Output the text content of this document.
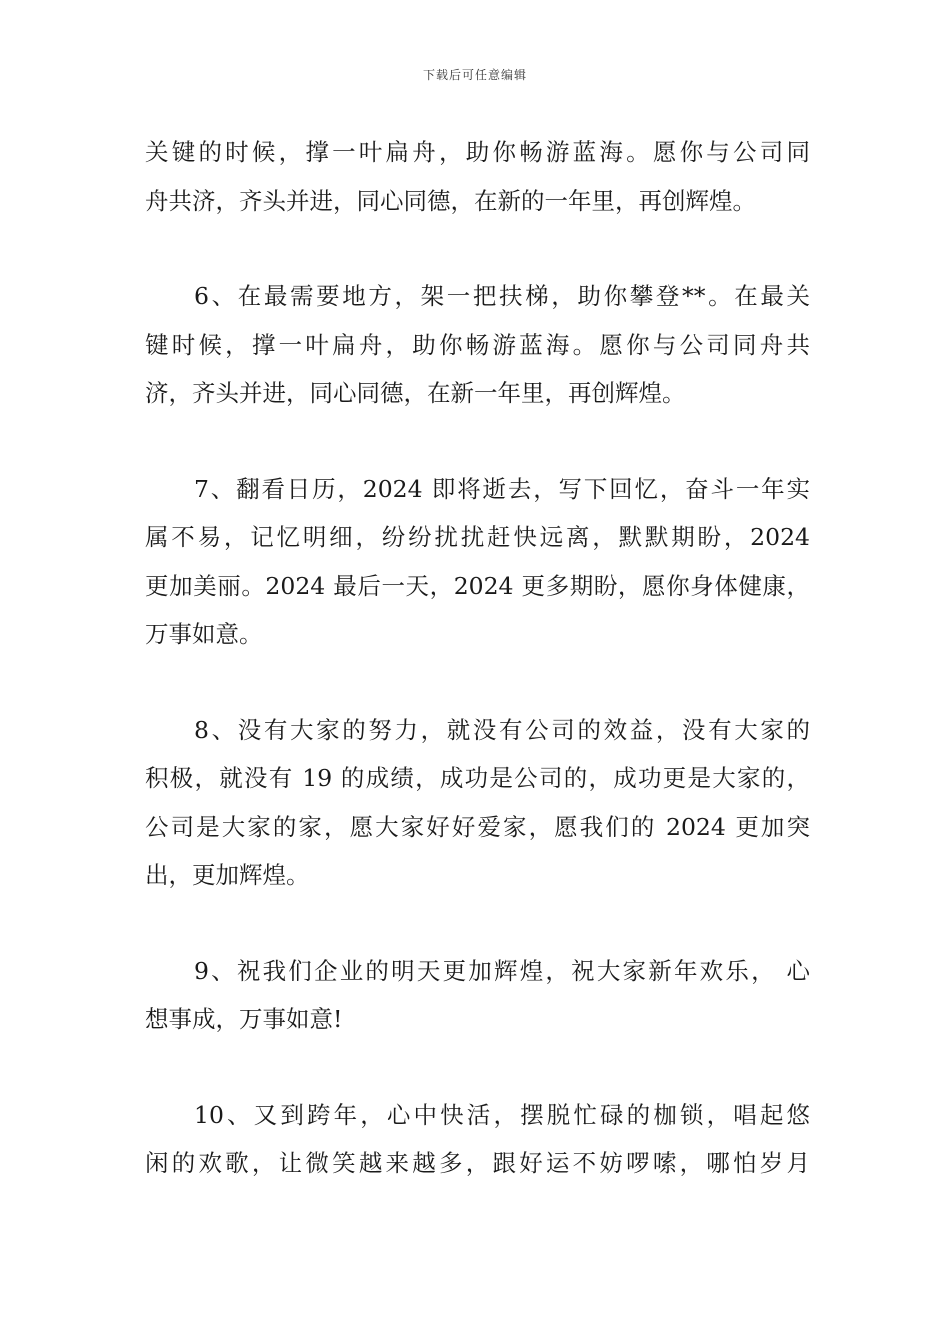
下载后可任意编辑
关键的时候，撑一叶扁舟，助你畅游蓝海。愿你与公司同
舟共济，齐头并进，同心同德，在新的一年里，再创辉煌。
6、在最需要地方，架一把扶梯，助你攀登**。在最关
键时候，撑一叶扁舟，助你畅游蓝海。愿你与公司同舟共
济，齐头并进，同心同德，在新一年里，再创辉煌。
7、翻看日历，2024 即将逝去，写下回忆，奋斗一年实
属不易，记忆明细，纷纷扰扰赶快远离，默默期盼，2024
更加美丽。2024 最后一天，2024 更多期盼，愿你身体健康，
万事如意。
8、没有大家的努力，就没有公司的效益，没有大家的
积极，就没有 19 的成绩，成功是公司的，成功更是大家的，
公司是大家的家，愿大家好好爱家，愿我们的 2024 更加突
出，更加辉煌。
9、祝我们企业的明天更加辉煌，祝大家新年欢乐， 心
想事成，万事如意!
10、又到跨年，心中快活，摆脱忙碌的枷锁，唱起悠
闲的欢歌，让微笑越来越多，跟好运不妨啰嗦，哪怕岁月
